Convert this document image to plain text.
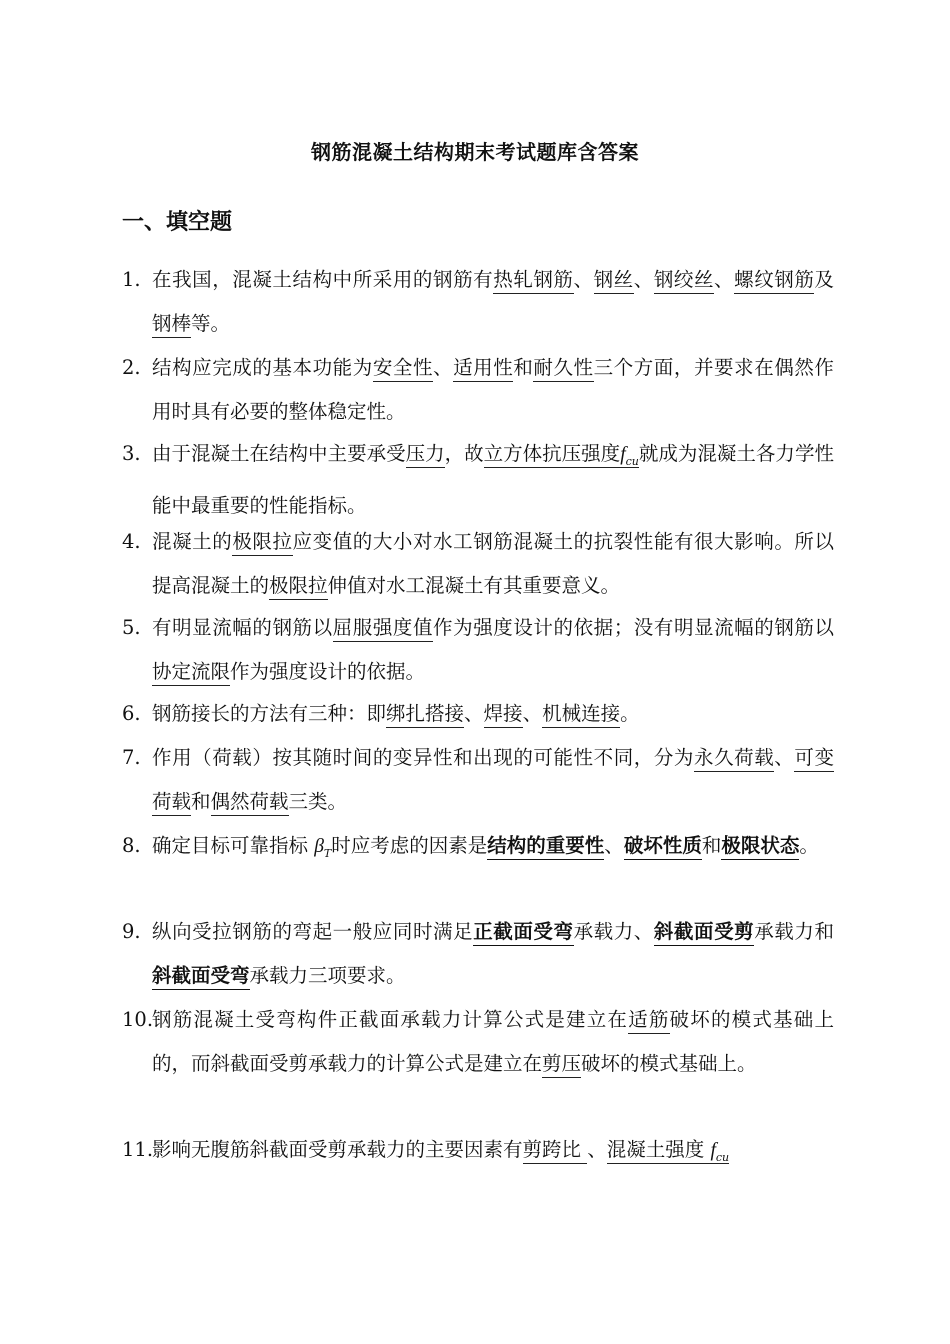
钢筋混凝土结构期末考试题库含答案
一、填空题
1. 在我国，混凝土结构中所采用的钢筋有热轧钢筋、钢丝、钢绞丝、螺纹钢筋及钢棒等。
2. 结构应完成的基本功能为安全性、适用性和耐久性三个方面，并要求在偶然作用时具有必要的整体稳定性。
3. 由于混凝土在结构中主要承受压力，故立方体抗压强度$f_{cu}$就成为混凝土各力学性能中最重要的性能指标。
4. 混凝土的极限拉应变值的大小对水工钢筋混凝土的抗裂性能有很大影响。所以提高混凝土的极限拉伸值对水工混凝土有其重要意义。
5. 有明显流幅的钢筋以屈服强度值作为强度设计的依据；没有明显流幅的钢筋以协定流限作为强度设计的依据。
6. 钢筋接长的方法有三种：即绑扎搭接、焊接、机械连接。
7. 作用（荷载）按其随时间的变异性和出现的可能性不同，分为永久荷载、可变荷载和偶然荷载三类。
8. 确定目标可靠指标 $\beta_T$时应考虑的因素是结构的重要性、破坏性质和极限状态。
9. 纵向受拉钢筋的弯起一般应同时满足正截面受弯承载力、斜截面受剪承载力和斜截面受弯承载力三项要求。
10.
钢筋混凝土受弯构件正截面承载力计算公式是建立在适筋破坏的模式基础上的，而斜截面受剪承载力的计算公式是建立在剪压破坏的模式基础上。
11.
影响无腹筋斜截面受剪承载力的主要因素有剪跨比 、混凝土强度 $f_{cu}$
